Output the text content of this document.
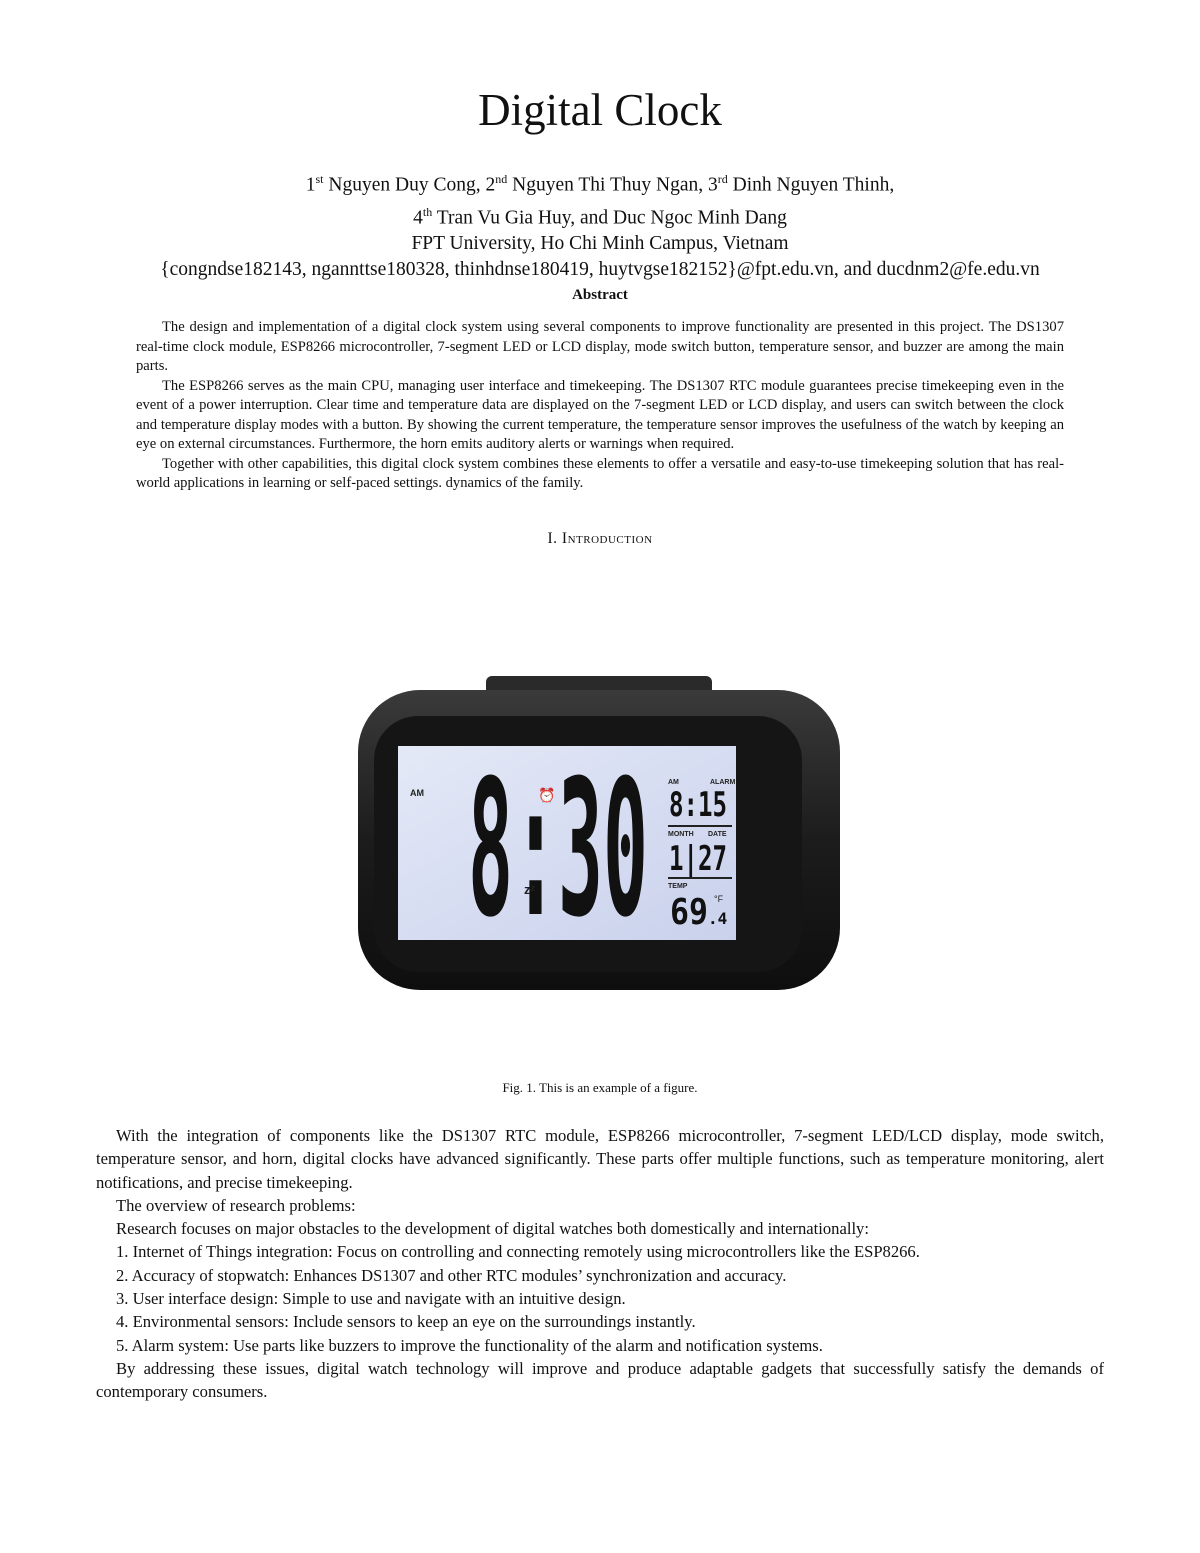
Digital Clock
1st Nguyen Duy Cong, 2nd Nguyen Thi Thuy Ngan, 3rd Dinh Nguyen Thinh,
4th Tran Vu Gia Huy, and Duc Ngoc Minh Dang
FPT University, Ho Chi Minh Campus, Vietnam
{congndse182143, ngannttse180328, thinhdnse180419, huytvgse182152}@fpt.edu.vn, and ducdnm2@fe.edu.vn
Abstract

The design and implementation of a digital clock system using several components to improve functionality are presented in this project. The DS1307 real-time clock module, ESP8266 microcontroller, 7-segment LED or LCD display, mode switch button, temperature sensor, and buzzer are among the main parts.

The ESP8266 serves as the main CPU, managing user interface and timekeeping. The DS1307 RTC module guarantees precise timekeeping even in the event of a power interruption. Clear time and temperature data are displayed on the 7-segment LED or LCD display, and users can switch between the clock and temperature display modes with a button. By showing the current temperature, the temperature sensor improves the usefulness of the watch by keeping an eye on external circumstances. Furthermore, the horn emits auditory alerts or warnings when required.

Together with other capabilities, this digital clock system combines these elements to offer a versatile and easy-to-use timekeeping solution that has real-world applications in learning or self-paced settings. dynamics of the family.

I. Introduction
AM 8:30
⏰
zᶻ
AM	ALARM
8:15
MONTH DATE
1|27
TEMP
69 .4
°F
Fig. 1. This is an example of a figure.

With the integration of components like the DS1307 RTC module, ESP8266 microcontroller, 7-segment LED/LCD display, mode switch, temperature sensor, and horn, digital clocks have advanced significantly. These parts offer multiple functions, such as temperature monitoring, alert notifications, and precise timekeeping.

The overview of research problems:

Research focuses on major obstacles to the development of digital watches both domestically and internationally:

1. Internet of Things integration: Focus on controlling and connecting remotely using microcontrollers like the ESP8266.

2. Accuracy of stopwatch: Enhances DS1307 and other RTC modules’ synchronization and accuracy.

3. User interface design: Simple to use and navigate with an intuitive design.

4. Environmental sensors: Include sensors to keep an eye on the surroundings instantly.

5. Alarm system: Use parts like buzzers to improve the functionality of the alarm and notification systems.

By addressing these issues, digital watch technology will improve and produce adaptable gadgets that successfully satisfy the demands of contemporary consumers.
